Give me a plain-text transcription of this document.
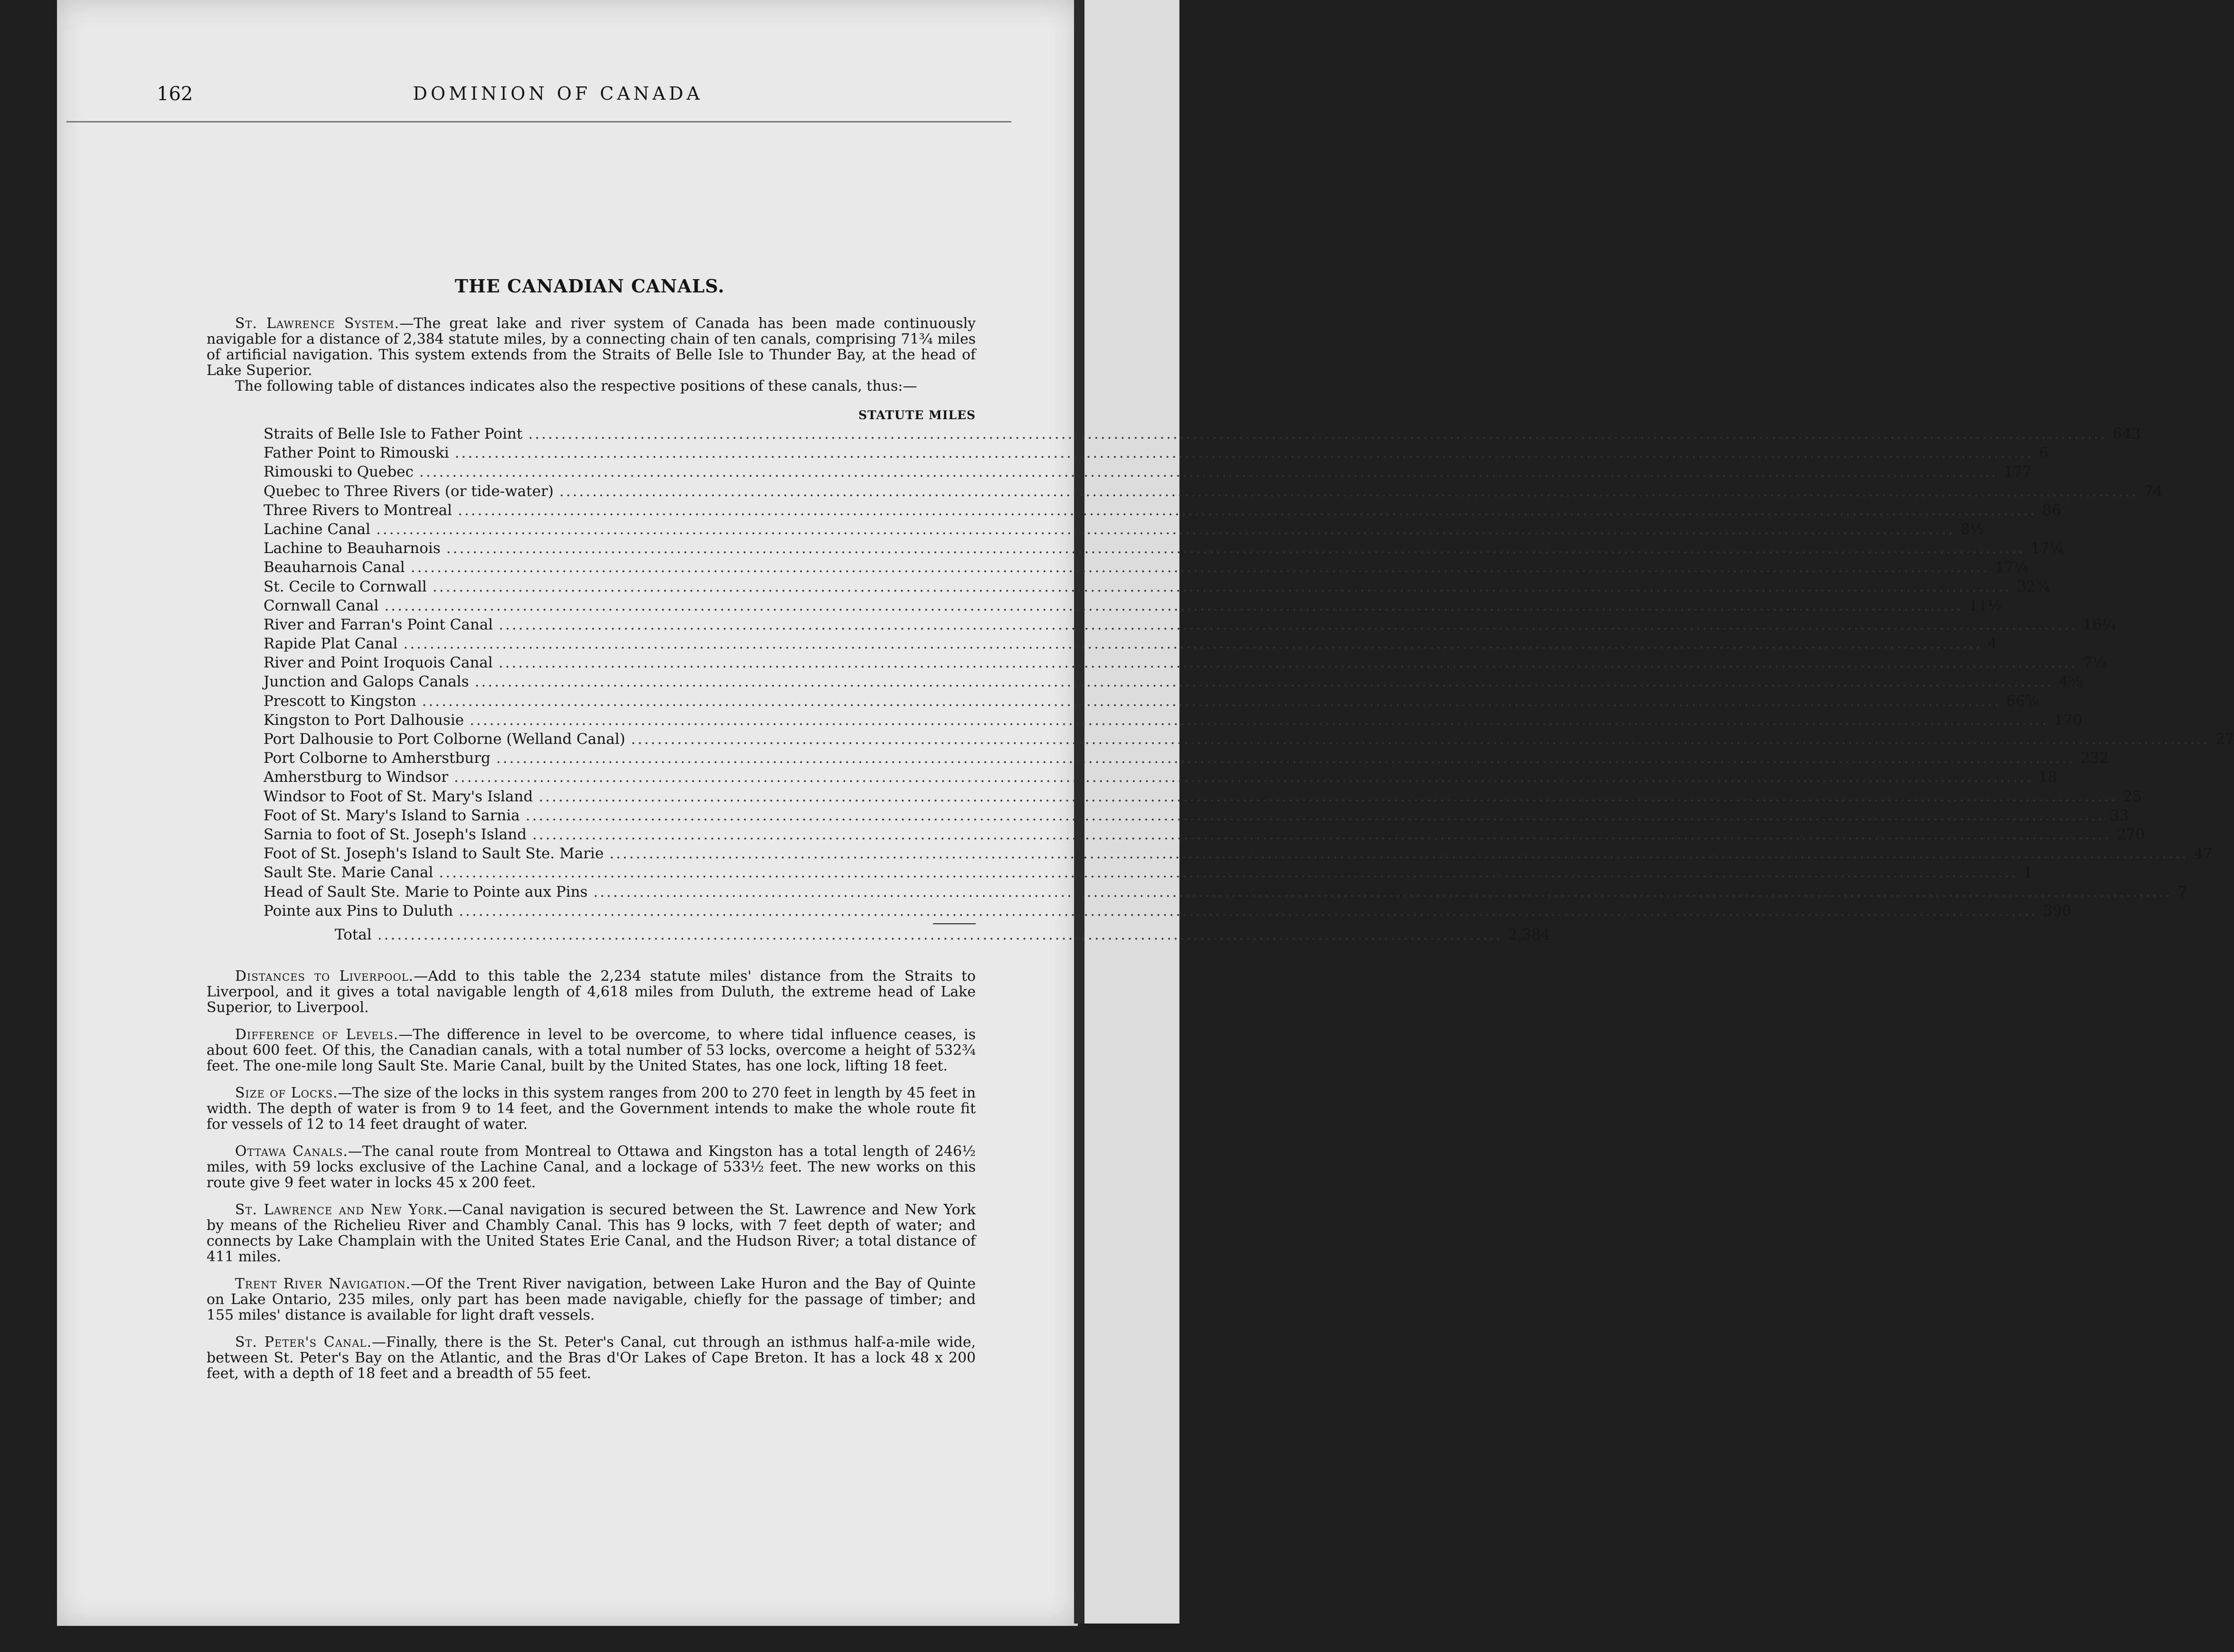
162	DOMINION OF CANADA
THE CANADIAN CANALS.

St. Lawrence System.—The great lake and river system of Canada has been made continuously navigable for a distance of 2,384 statute miles, by a connecting chain of ten canals, comprising 71¾ miles of artificial navigation. This system extends from the Straits of Belle Isle to Thunder Bay, at the head of Lake Superior.

The following table of distances indicates also the respective positions of these canals, thus:—

STATUTE MILES
Straits of Belle Isle to Father Point ................................................................................................................................................................................................................................................ 643
Father Point to Rimouski ................................................................................................................................................................................................................................................ 6
Rimouski to Quebec ................................................................................................................................................................................................................................................ 177
Quebec to Three Rivers (or tide-water) ................................................................................................................................................................................................................................................ 74
Three Rivers to Montreal ................................................................................................................................................................................................................................................ 86
Lachine Canal ................................................................................................................................................................................................................................................ 8½
Lachine to Beauharnois ................................................................................................................................................................................................................................................ 17¼
Beauharnois Canal ................................................................................................................................................................................................................................................ 17¼
St. Cecile to Cornwall ................................................................................................................................................................................................................................................ 32¾
Cornwall Canal ................................................................................................................................................................................................................................................ 11½
River and Farran's Point Canal ................................................................................................................................................................................................................................................ 16¼
Rapide Plat Canal ................................................................................................................................................................................................................................................ 4
River and Point Iroquois Canal ................................................................................................................................................................................................................................................ 7½
Junction and Galops Canals ................................................................................................................................................................................................................................................ 4⅝
Prescott to Kingston ................................................................................................................................................................................................................................................ 66⅝
Kingston to Port Dalhousie ................................................................................................................................................................................................................................................ 170
Port Dalhousie to Port Colborne (Welland Canal) ................................................................................................................................................................................................................................................ 27
Port Colborne to Amherstburg ................................................................................................................................................................................................................................................ 232
Amherstburg to Windsor ................................................................................................................................................................................................................................................ 18
Windsor to Foot of St. Mary's Island ................................................................................................................................................................................................................................................ 25
Foot of St. Mary's Island to Sarnia ................................................................................................................................................................................................................................................ 33
Sarnia to foot of St. Joseph's Island ................................................................................................................................................................................................................................................ 270
Foot of St. Joseph's Island to Sault Ste. Marie ................................................................................................................................................................................................................................................ 47
Sault Ste. Marie Canal ................................................................................................................................................................................................................................................ 1
Head of Sault Ste. Marie to Pointe aux Pins ................................................................................................................................................................................................................................................ 7
Pointe aux Pins to Duluth ................................................................................................................................................................................................................................................ 390
Total ........................................................................................................................................................................... 2,384

Distances to Liverpool.—Add to this table the 2,234 statute miles' distance from the Straits to Liverpool, and it gives a total navigable length of 4,618 miles from Duluth, the extreme head of Lake Superior, to Liverpool.

Difference of Levels.—The difference in level to be overcome, to where tidal influence ceases, is about 600 feet. Of this, the Canadian canals, with a total number of 53 locks, overcome a height of 532¾ feet. The one-mile long Sault Ste. Marie Canal, built by the United States, has one lock, lifting 18 feet.

Size of Locks.—The size of the locks in this system ranges from 200 to 270 feet in length by 45 feet in width. The depth of water is from 9 to 14 feet, and the Government intends to make the whole route fit for vessels of 12 to 14 feet draught of water.

Ottawa Canals.—The canal route from Montreal to Ottawa and Kingston has a total length of 246½ miles, with 59 locks exclusive of the Lachine Canal, and a lockage of 533½ feet. The new works on this route give 9 feet water in locks 45 x 200 feet.

St. Lawrence and New York.—Canal navigation is secured between the St. Lawrence and New York by means of the Richelieu River and Chambly Canal. This has 9 locks, with 7 feet depth of water; and connects by Lake Champlain with the United States Erie Canal, and the Hudson River; a total distance of 411 miles.

Trent River Navigation.—Of the Trent River navigation, between Lake Huron and the Bay of Quinte on Lake Ontario, 235 miles, only part has been made navigable, chiefly for the passage of timber; and 155 miles' distance is available for light draft vessels.

St. Peter's Canal.—Finally, there is the St. Peter's Canal, cut through an isthmus half-a-mile wide, between St. Peter's Bay on the Atlantic, and the Bras d'Or Lakes of Cape Breton. It has a lock 48 x 200 feet, with a depth of 18 feet and a breadth of 55 feet.
